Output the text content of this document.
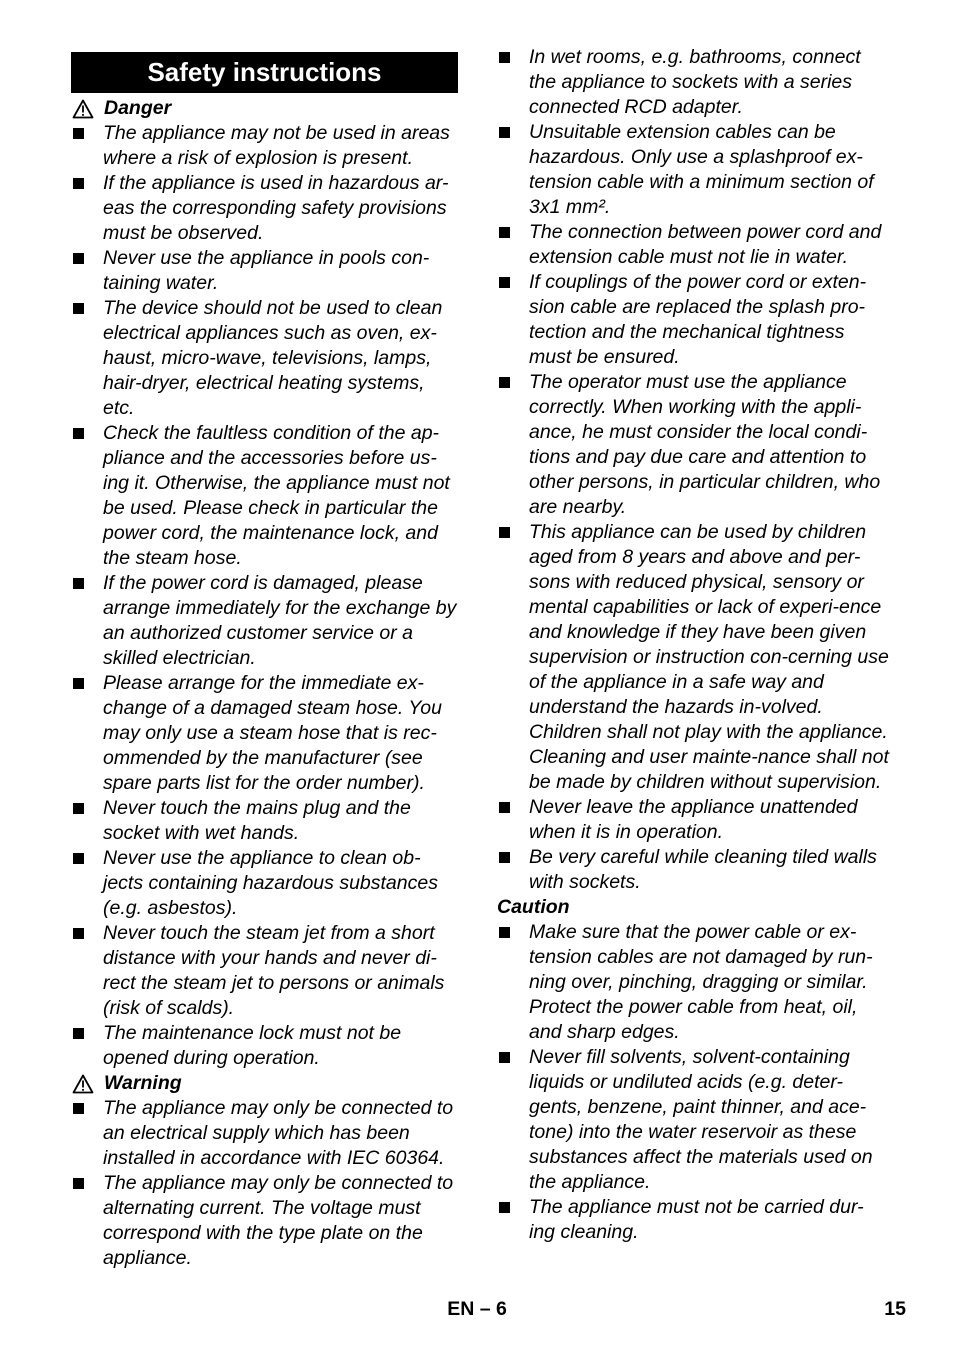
Safety instructions
Danger
The appliance may not be used in areas where a risk of explosion is present.
If the appliance is used in hazardous ar-eas the corresponding safety provisions must be observed.
Never use the appliance in pools con-taining water.
The device should not be used to clean electrical appliances such as oven, ex-haust, micro-wave, televisions, lamps, hair-dryer, electrical heating systems, etc.
Check the faultless condition of the ap-pliance and the accessories before us-ing it. Otherwise, the appliance must not be used. Please check in particular the power cord, the maintenance lock, and the steam hose.
If the power cord is damaged, please arrange immediately for the exchange by an authorized customer service or a skilled electrician.
Please arrange for the immediate ex-change of a damaged steam hose. You may only use a steam hose that is rec-ommended by the manufacturer (see spare parts list for the order number).
Never touch the mains plug and the socket with wet hands.
Never use the appliance to clean ob-jects containing hazardous substances (e.g. asbestos).
Never touch the steam jet from a short distance with your hands and never di-rect the steam jet to persons or animals (risk of scalds).
The maintenance lock must not be opened during operation.
Warning
The appliance may only be connected to an electrical supply which has been installed in accordance with IEC 60364.
The appliance may only be connected to alternating current. The voltage must correspond with the type plate on the appliance.
In wet rooms, e.g. bathrooms, connect the appliance to sockets with a series connected RCD adapter.
Unsuitable extension cables can be hazardous. Only use a splashproof ex-tension cable with a minimum section of 3x1 mm².
The connection between power cord and extension cable must not lie in water.
If couplings of the power cord or exten-sion cable are replaced the splash pro-tection and the mechanical tightness must be ensured.
The operator must use the appliance correctly. When working with the appli-ance, he must consider the local condi-tions and pay due care and attention to other persons, in particular children, who are nearby.
This appliance can be used by children aged from 8 years and above and per-sons with reduced physical, sensory or mental capabilities or lack of experi-ence and knowledge if they have been given supervision or instruction con-cerning use of the appliance in a safe way and understand the hazards in-volved. Children shall not play with the appliance. Cleaning and user mainte-nance shall not be made by children without supervision.
Never leave the appliance unattended when it is in operation.
Be very careful while cleaning tiled walls with sockets.
Caution
Make sure that the power cable or ex-tension cables are not damaged by run-ning over, pinching, dragging or similar. Protect the power cable from heat, oil, and sharp edges.
Never fill solvents, solvent-containing liquids or undiluted acids (e.g. deter-gents, benzene, paint thinner, and ace-tone) into the water reservoir as these substances affect the materials used on the appliance.
The appliance must not be carried dur-ing cleaning.
EN – 6	15
